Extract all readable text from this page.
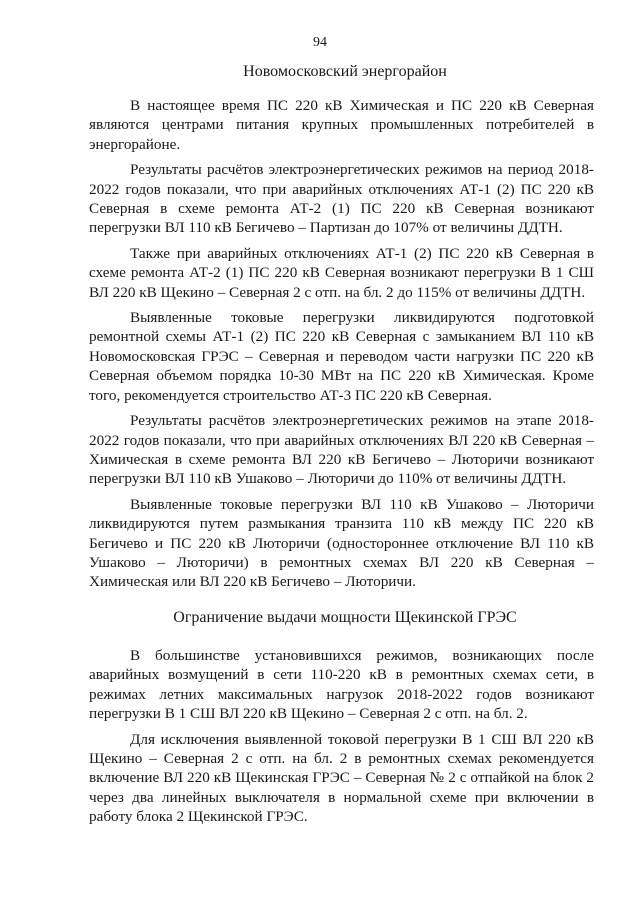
94

Новомосковский энергорайон

В настоящее время ПС 220 кВ Химическая и ПС 220 кВ Северная являются центрами питания крупных промышленных потребителей в энергорайоне.

Результаты расчётов электроэнергетических режимов на период 2018-2022 годов показали, что при аварийных отключениях АТ-1 (2) ПС 220 кВ Северная в схеме ремонта АТ-2 (1) ПС 220 кВ Северная возникают перегрузки ВЛ 110 кВ Бегичево – Партизан до 107% от величины ДДТН.

Также при аварийных отключениях АТ-1 (2) ПС 220 кВ Северная в схеме ремонта АТ-2 (1) ПС 220 кВ Северная возникают перегрузки В 1 СШ ВЛ 220 кВ Щекино – Северная 2 с отп. на бл. 2 до 115% от величины ДДТН.

Выявленные токовые перегрузки ликвидируются подготовкой ремонтной схемы АТ-1 (2) ПС 220 кВ Северная с замыканием ВЛ 110 кВ Новомосковская ГРЭС – Северная и переводом части нагрузки ПС 220 кВ Северная объемом порядка 10-30 МВт на ПС 220 кВ Химическая. Кроме того, рекомендуется строительство АТ-3 ПС 220 кВ Северная.

Результаты расчётов электроэнергетических режимов на этапе 2018-2022 годов показали, что при аварийных отключениях ВЛ 220 кВ Северная – Химическая в схеме ремонта ВЛ 220 кВ Бегичево – Люторичи возникают перегрузки ВЛ 110 кВ Ушаково – Люторичи до 110% от величины ДДТН.

Выявленные токовые перегрузки ВЛ 110 кВ Ушаково – Люторичи ликвидируются путем размыкания транзита 110 кВ между ПС 220 кВ Бегичево и ПС 220 кВ Люторичи (одностороннее отключение ВЛ 110 кВ Ушаково – Люторичи) в ремонтных схемах ВЛ 220 кВ Северная – Химическая или ВЛ 220 кВ Бегичево – Люторичи.

Ограничение выдачи мощности Щекинской ГРЭС

В большинстве установившихся режимов, возникающих после аварийных возмущений в сети 110-220 кВ в ремонтных схемах сети, в режимах летних максимальных нагрузок 2018-2022 годов возникают перегрузки В 1 СШ ВЛ 220 кВ Щекино – Северная 2 с отп. на бл. 2.

Для исключения выявленной токовой перегрузки В 1 СШ ВЛ 220 кВ Щекино – Северная 2 с отп. на бл. 2 в ремонтных схемах рекомендуется включение ВЛ 220 кВ Щекинская ГРЭС – Северная № 2 с отпайкой на блок 2 через два линейных выключателя в нормальной схеме при включении в работу блока 2 Щекинской ГРЭС.
